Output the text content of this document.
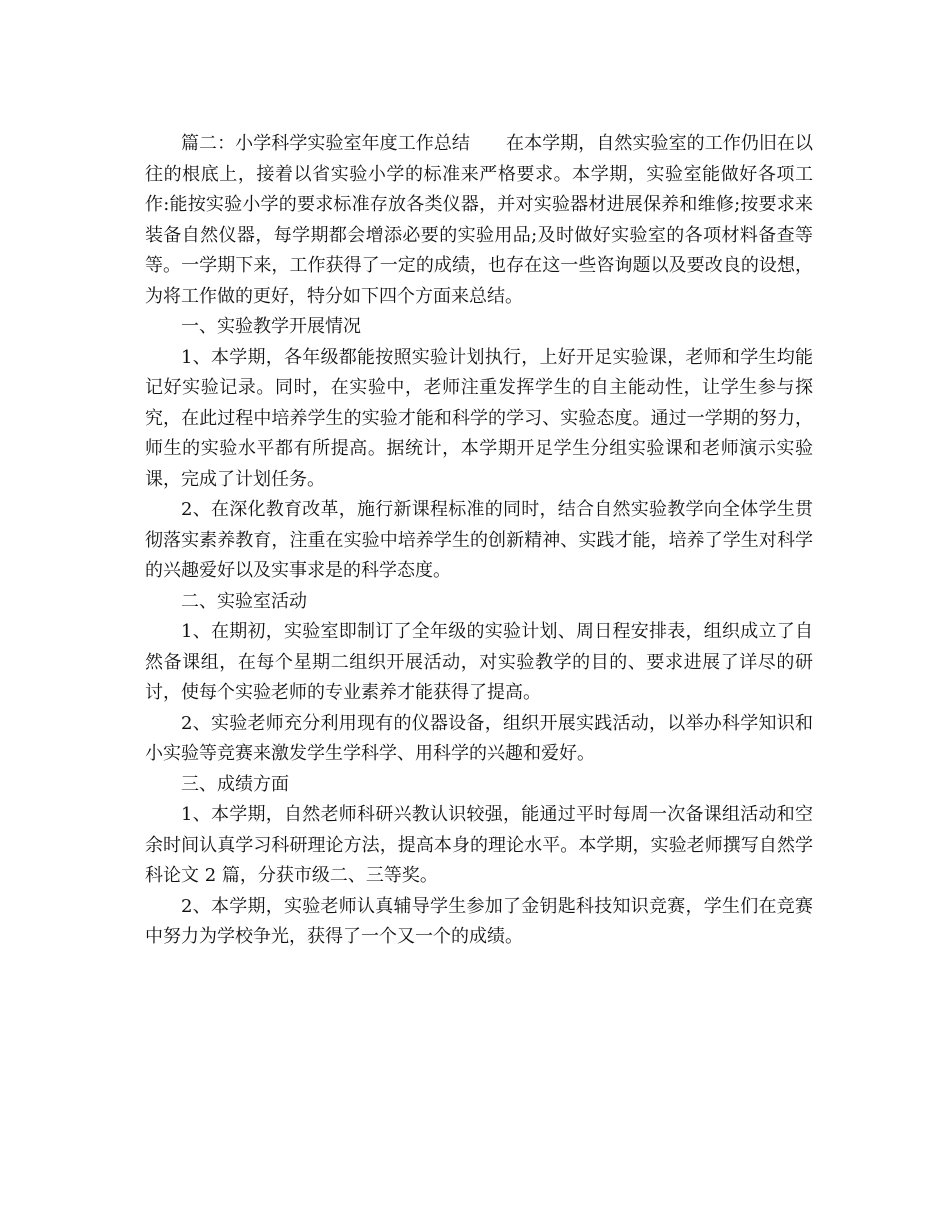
篇二：小学科学实验室年度工作总结 在本学期，自然实验室的工作仍旧在以往的根底上，接着以省实验小学的标准来严格要求。本学期，实验室能做好各项工作:能按实验小学的要求标准存放各类仪器，并对实验器材进展保养和维修;按要求来装备自然仪器，每学期都会增添必要的实验用品;及时做好实验室的各项材料备查等等。一学期下来，工作获得了一定的成绩，也存在这一些咨询题以及要改良的设想，为将工作做的更好，特分如下四个方面来总结。

一、实验教学开展情况

1、本学期，各年级都能按照实验计划执行，上好开足实验课，老师和学生均能记好实验记录。同时，在实验中，老师注重发挥学生的自主能动性，让学生参与探究，在此过程中培养学生的实验才能和科学的学习、实验态度。通过一学期的努力，师生的实验水平都有所提高。据统计，本学期开足学生分组实验课和老师演示实验课，完成了计划任务。

2、在深化教育改革，施行新课程标准的同时，结合自然实验教学向全体学生贯彻落实素养教育，注重在实验中培养学生的创新精神、实践才能，培养了学生对科学的兴趣爱好以及实事求是的科学态度。

二、实验室活动

1、在期初，实验室即制订了全年级的实验计划、周日程安排表，组织成立了自然备课组，在每个星期二组织开展活动，对实验教学的目的、要求进展了详尽的研讨，使每个实验老师的专业素养才能获得了提高。

2、实验老师充分利用现有的仪器设备，组织开展实践活动，以举办科学知识和小实验等竞赛来激发学生学科学、用科学的兴趣和爱好。

三、成绩方面

1、本学期，自然老师科研兴教认识较强，能通过平时每周一次备课组活动和空余时间认真学习科研理论方法，提高本身的理论水平。本学期，实验老师撰写自然学科论文 2 篇，分获市级二、三等奖。

2、本学期，实验老师认真辅导学生参加了金钥匙科技知识竞赛，学生们在竞赛中努力为学校争光，获得了一个又一个的成绩。
